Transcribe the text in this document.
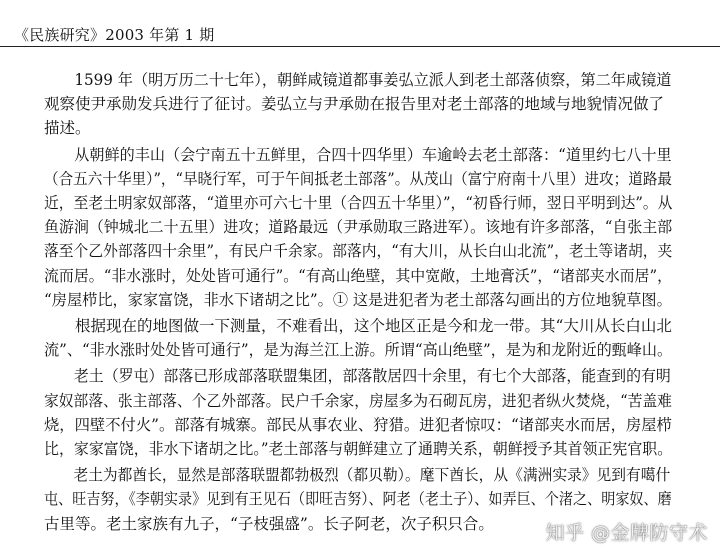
《民族研究》2003 年第 1 期
1599 年（明万历二十七年），朝鲜咸镜道都事姜弘立派人到老土部落侦察，第二年咸镜道
观察使尹承勋发兵进行了征讨。姜弘立与尹承勋在报告里对老土部落的地域与地貌情况做了
描述。
从朝鲜的丰山（会宁南五十五鲜里，合四十四华里）车逾岭去老土部落：“道里约七八十里
（合五六十华里）”，“早晓行军，可于午间抵老土部落”。从茂山（富宁府南十八里）进攻；道路最
近，至老土明家奴部落，“道里亦可六七十里（合四五十华里）”，“初昏行师，翌日平明到达”。从
鱼游涧（钟城北二十五里）进攻；道路最远（尹承勋取三路进军）。该地有许多部落，“自张主部
落至个乙外部落四十余里”，有民户千余家。部落内，“有大川，从长白山北流”，老土等诸胡，夹
流而居。“非水涨时，处处皆可通行”。“有高山绝壁，其中宽敞，土地膏沃”，“诸部夹水而居”，
“房屋栉比，家家富饶，非水下诸胡之比”。① 这是进犯者为老土部落勾画出的方位地貌草图。
根据现在的地图做一下测量，不难看出，这个地区正是今和龙一带。其“大川从长白山北
流”、“非水涨时处处皆可通行”，是为海兰江上游。所谓“高山绝壁”，是为和龙附近的甄峰山。
老土（罗屯）部落已形成部落联盟集团，部落散居四十余里，有七个大部落，能查到的有明
家奴部落、张主部落、个乙外部落。民户千余家，房屋多为石砌瓦房，进犯者纵火焚烧，“苦盖难
烧，四壁不付火”。部落有城寨。部民从事农业、狩猎。进犯者惊叹：“诸部夹水而居，房屋栉
比，家家富饶，非水下诸胡之比。”老土部落与朝鲜建立了通聘关系，朝鲜授予其首领正宪官职。
老土为都酋长，显然是部落联盟都勃极烈（都贝勒）。麾下酋长，从《满洲实录》见到有噶什
屯、旺吉努，《李朝实录》见到有王见石（即旺吉努）、阿老（老土子）、如弄巨、个渚之、明家奴、磨
古里等。老土家族有九子，“子枝强盛”。长子阿老，次子积只合。	知乎 @金牌防守术
